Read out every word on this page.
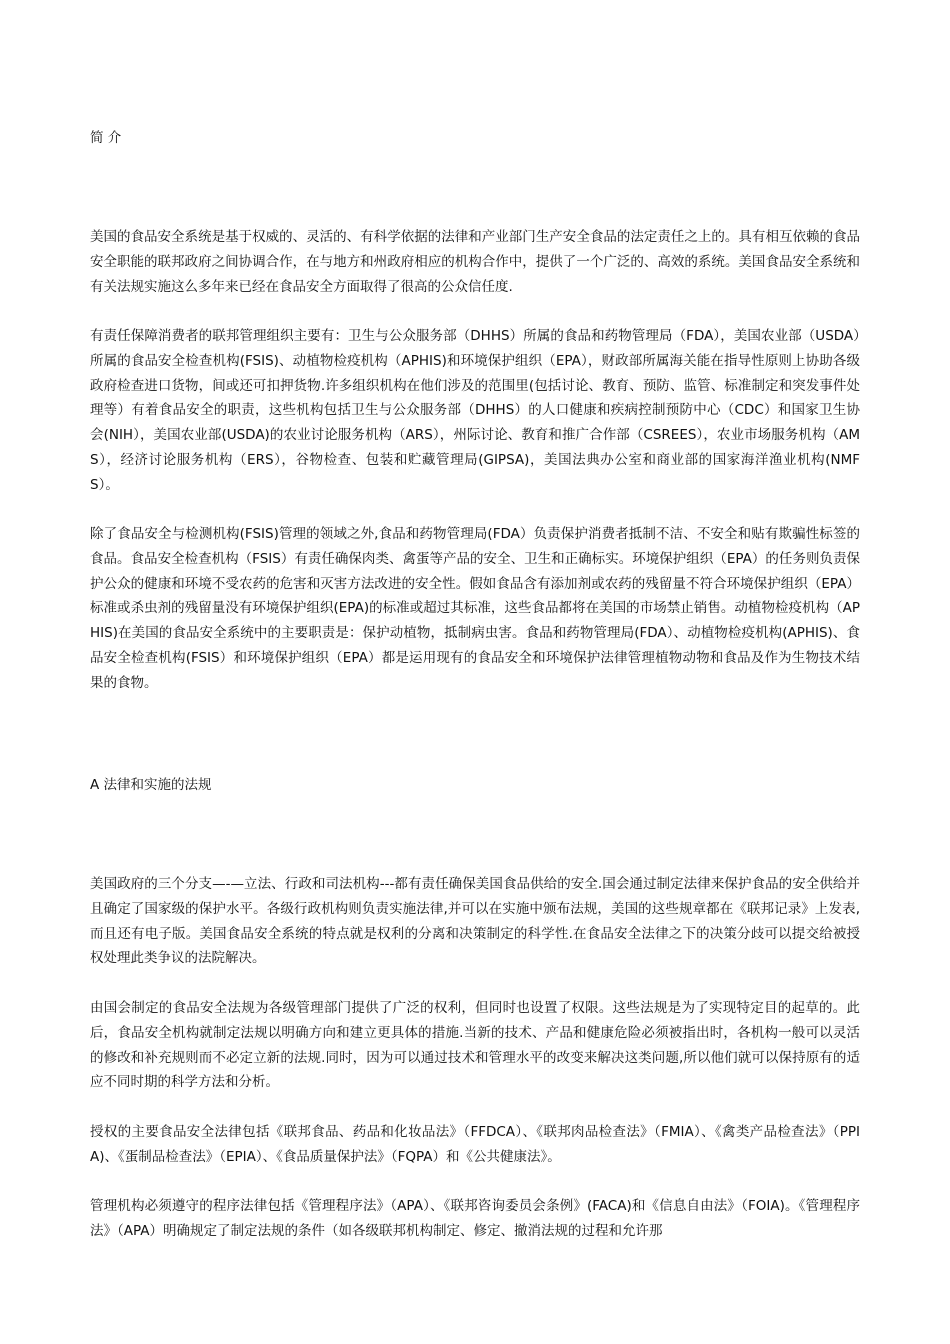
简 介

美国的食品安全系统是基于权威的、灵活的、有科学依据的法律和产业部门生产安全食品的法定责任之上的。具有相互依赖的食品安全职能的联邦政府之间协调合作，在与地方和州政府相应的机构合作中，提供了一个广泛的、高效的系统。美国食品安全系统和有关法规实施这么多年来已经在食品安全方面取得了很高的公众信任度.

有责任保障消费者的联邦管理组织主要有：卫生与公众服务部（DHHS）所属的食品和药物管理局（FDA），美国农业部（USDA）所属的食品安全检查机构(FSIS)、动植物检疫机构（APHIS)和环境保护组织（EPA），财政部所属海关能在指导性原则上协助各级政府检查进口货物，间或还可扣押货物.许多组织机构在他们涉及的范围里(包括讨论、教育、预防、监管、标准制定和突发事件处理等）有着食品安全的职责，这些机构包括卫生与公众服务部（DHHS）的人口健康和疾病控制预防中心（CDC）和国家卫生协会(NIH），美国农业部(USDA)的农业讨论服务机构（ARS），州际讨论、教育和推广合作部（CSREES），农业市场服务机构（AMS），经济讨论服务机构（ERS），谷物检查、包装和贮藏管理局(GIPSA)，美国法典办公室和商业部的国家海洋渔业机构(NMFS）。

除了食品安全与检测机构(FSIS)管理的领域之外,食品和药物管理局(FDA）负责保护消费者抵制不洁、不安全和贴有欺骗性标签的食品。食品安全检查机构（FSIS）有责任确保肉类、禽蛋等产品的安全、卫生和正确标实。环境保护组织（EPA）的任务则负责保护公众的健康和环境不受农药的危害和灭害方法改进的安全性。假如食品含有添加剂或农药的残留量不符合环境保护组织（EPA）标准或杀虫剂的残留量没有环境保护组织(EPA)的标准或超过其标准，这些食品都将在美国的市场禁止销售。动植物检疫机构（APHIS)在美国的食品安全系统中的主要职责是：保护动植物，抵制病虫害。食品和药物管理局(FDA）、动植物检疫机构(APHIS)、食品安全检查机构(FSIS）和环境保护组织（EPA）都是运用现有的食品安全和环境保护法律管理植物动物和食品及作为生物技术结果的食物。

A 法律和实施的法规

美国政府的三个分支—-—立法、行政和司法机构---都有责任确保美国食品供给的安全.国会通过制定法律来保护食品的安全供给并且确定了国家级的保护水平。各级行政机构则负责实施法律,并可以在实施中颁布法规，美国的这些规章都在《联邦记录》上发表,而且还有电子版。美国食品安全系统的特点就是权利的分离和决策制定的科学性.在食品安全法律之下的决策分歧可以提交给被授权处理此类争议的法院解决。

由国会制定的食品安全法规为各级管理部门提供了广泛的权利，但同时也设置了权限。这些法规是为了实现特定目的起草的。此后，食品安全机构就制定法规以明确方向和建立更具体的措施.当新的技术、产品和健康危险必须被指出时，各机构一般可以灵活的修改和补充规则而不必定立新的法规.同时，因为可以通过技术和管理水平的改变来解决这类问题,所以他们就可以保持原有的适应不同时期的科学方法和分析。

授权的主要食品安全法律包括《联邦食品、药品和化妆品法》（FFDCA）、《联邦肉品检查法》（FMIA）、《禽类产品检查法》（PPIA)、《蛋制品检查法》（EPIA）、《食品质量保护法》（FQPA）和《公共健康法》。

管理机构必须遵守的程序法律包括《管理程序法》（APA）、《联邦咨询委员会条例》(FACA)和《信息自由法》（FOIA)。《管理程序法》（APA）明确规定了制定法规的条件（如各级联邦机构制定、修定、撤消法规的过程和允许那
